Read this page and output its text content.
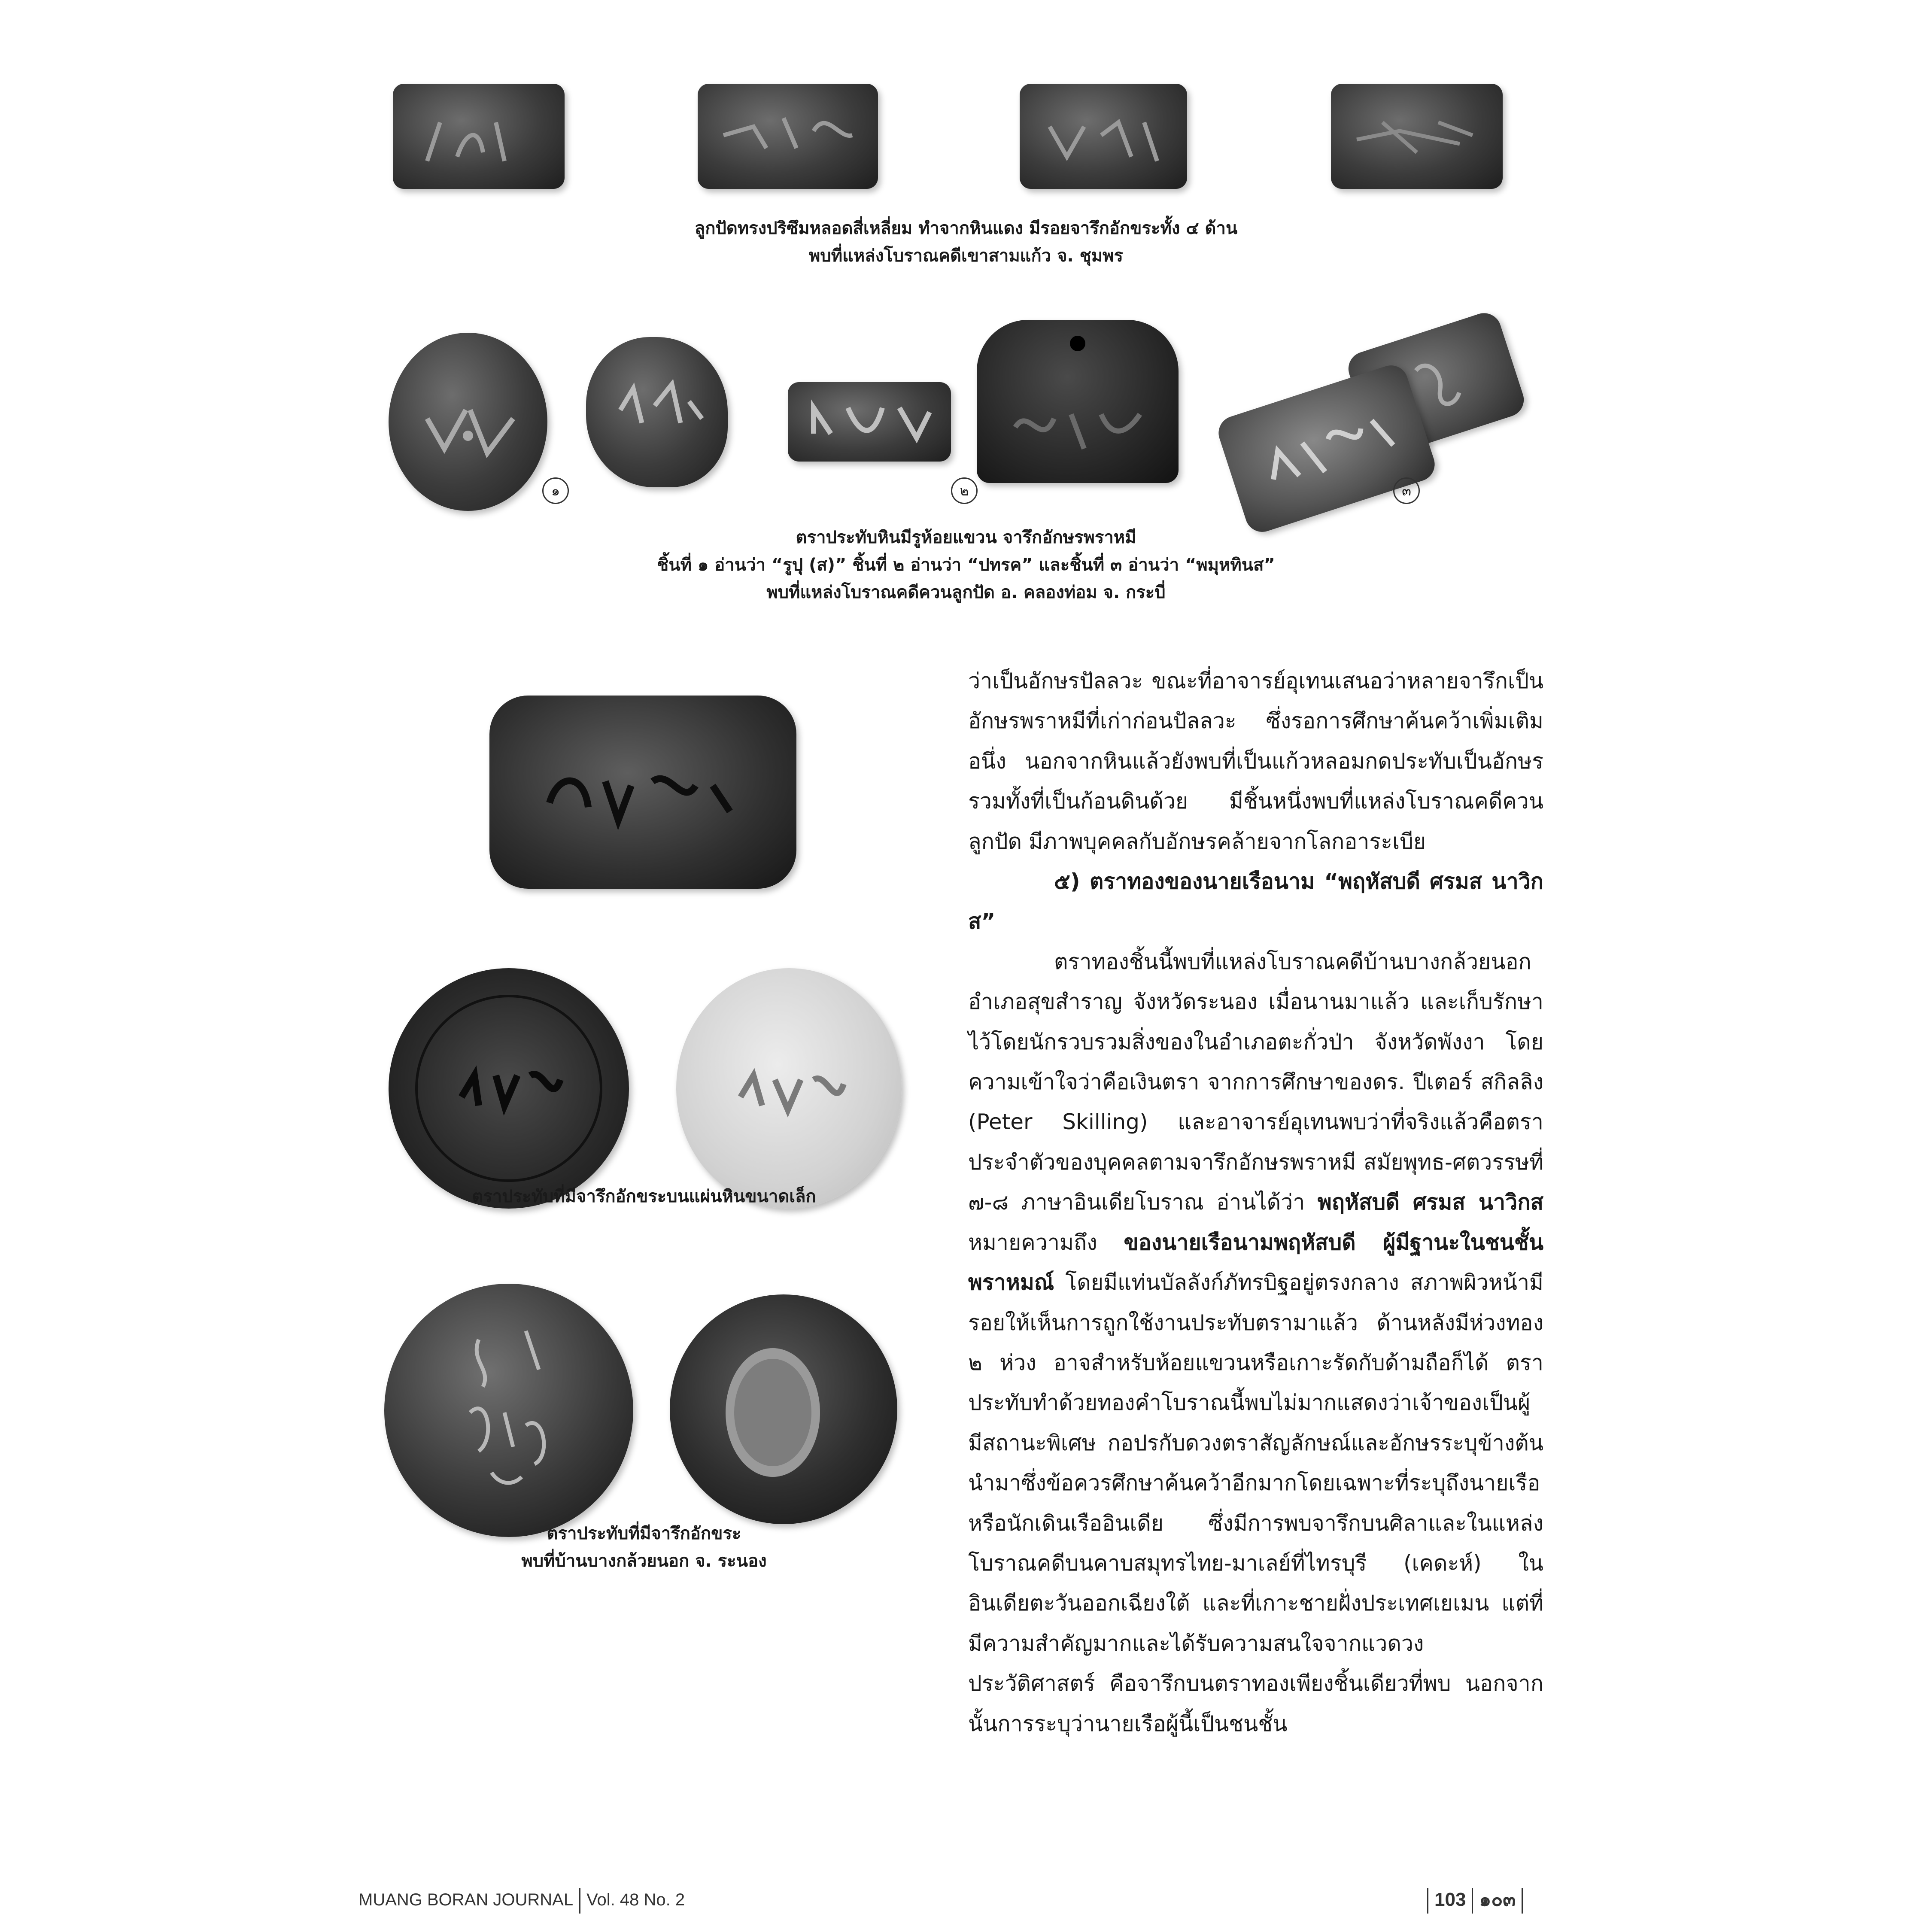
ลูกปัดทรงปริซึมหลอดสี่เหลี่ยม ทำจากหินแดง มีรอยจารึกอักขระทั้ง ๔ ด้าน
พบที่แหล่งโบราณคดีเขาสามแก้ว จ. ชุมพร
๑	๒	๓
ตราประทับหินมีรูห้อยแขวน จารึกอักษรพราหมี
ชิ้นที่ ๑ อ่านว่า “รูปุ (ส)” ชิ้นที่ ๒ อ่านว่า “ปทรค” และชิ้นที่ ๓ อ่านว่า “พมุหทินส”
พบที่แหล่งโบราณคดีควนลูกปัด อ. คลองท่อม จ. กระบี่
ตราประทับที่มีจารึกอักขระบนแผ่นหินขนาดเล็ก
ตราประทับที่มีจารึกอักขระ
พบที่บ้านบางกล้วยนอก จ. ระนอง

ว่าเป็นอักษรปัลลวะ ขณะที่อาจารย์อุเทนเสนอว่าหลายจารึกเป็นอักษรพราหมีที่เก่าก่อนปัลลวะ ซึ่งรอการศึกษาค้นคว้าเพิ่มเติมอนึ่ง นอกจากหินแล้วยังพบที่เป็นแก้วหลอมกดประทับเป็นอักษร รวมทั้งที่เป็นก้อนดินด้วย มีชิ้นหนึ่งพบที่แหล่งโบราณคดีควนลูกปัด มีภาพบุคคลกับอักษรคล้ายจากโลกอาระเบีย

๕) ตราทองของนายเรือนาม “พฤหัสบดี ศรมส นาวิกส”

ตราทองชิ้นนี้พบที่แหล่งโบราณคดีบ้านบางกล้วยนอก อำเภอสุขสำราญ จังหวัดระนอง เมื่อนานมาแล้ว และเก็บรักษาไว้โดยนักรวบรวมสิ่งของในอำเภอตะกั่วป่า จังหวัดพังงา โดยความเข้าใจว่าคือเงินตรา จากการศึกษาของดร. ปีเตอร์ สกิลลิง (Peter Skilling) และอาจารย์อุเทนพบว่าที่จริงแล้วคือตราประจำตัวของบุคคลตามจารึกอักษรพราหมี สมัยพุทธ-ศตวรรษที่ ๗-๘ ภาษาอินเดียโบราณ อ่านได้ว่า พฤหัสบดี ศรมส นาวิกส หมายความถึง ของนายเรือนามพฤหัสบดี ผู้มีฐานะในชนชั้นพราหมณ์ โดยมีแท่นบัลลังก์ภัทรบิฐอยู่ตรงกลาง สภาพผิวหน้ามีรอยให้เห็นการถูกใช้งานประทับตรามาแล้ว ด้านหลังมีห่วงทอง ๒ ห่วง อาจสำหรับห้อยแขวนหรือเกาะรัดกับด้ามถือก็ได้ ตราประทับทำด้วยทองคำโบราณนี้พบไม่มากแสดงว่าเจ้าของเป็นผู้มีสถานะพิเศษ กอปรกับดวงตราสัญลักษณ์และอักษรระบุข้างต้น นำมาซึ่งข้อควรศึกษาค้นคว้าอีกมากโดยเฉพาะที่ระบุถึงนายเรือหรือนักเดินเรืออินเดีย ซึ่งมีการพบจารึกบนศิลาและในแหล่งโบราณคดีบนคาบสมุทรไทย-มาเลย์ที่ไทรบุรี (เคดะห์) ในอินเดียตะวันออกเฉียงใต้ และที่เกาะชายฝั่งประเทศเยเมน แต่ที่มีความสำคัญมากและได้รับความสนใจจากแวดวงประวัติศาสตร์ คือจารึกบนตราทองเพียงชิ้นเดียวที่พบ นอกจากนั้นการระบุว่านายเรือผู้นี้เป็นชนชั้น

MUANG BORAN JOURNAL Vol. 48 No. 2	103 ๑๐๓
